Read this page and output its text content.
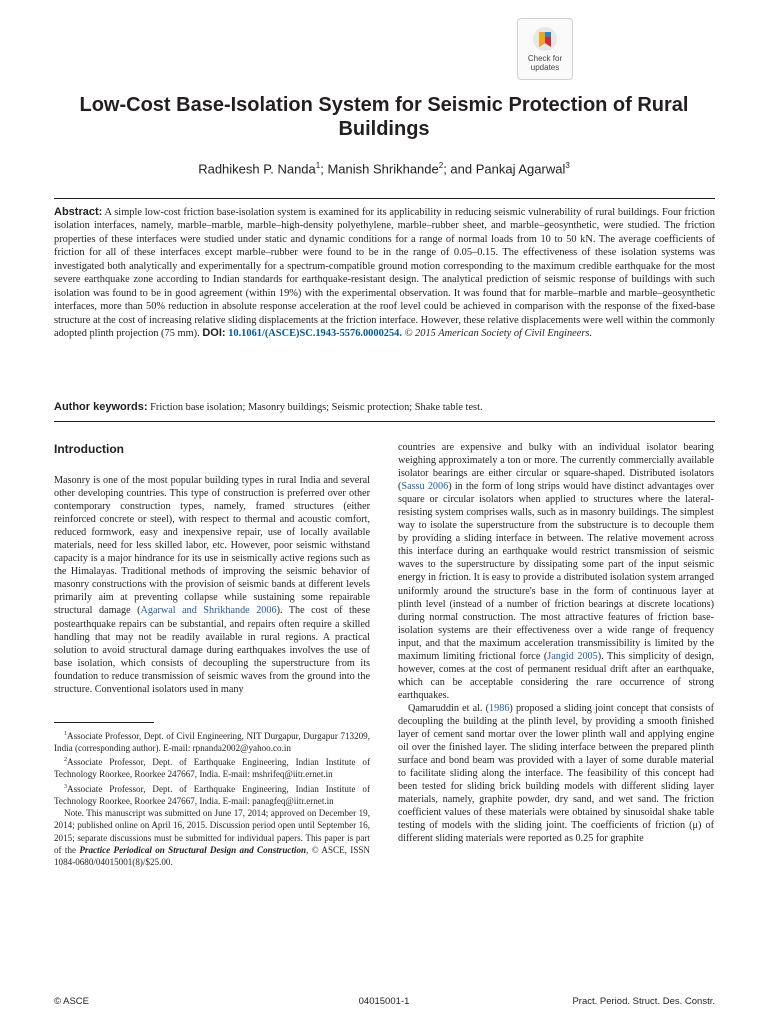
Check for
updates
Low-Cost Base-Isolation System for Seismic Protection of Rural Buildings
Radhikesh P. Nanda$^1$; Manish Shrikhande$^2$; and Pankaj Agarwal$^3$

Abstract: A simple low-cost friction base-isolation system is examined for its applicability in reducing seismic vulnerability of rural buildings. Four friction isolation interfaces, namely, marble–marble, marble–high-density polyethylene, marble–rubber sheet, and marble–geosynthetic, were studied. The friction properties of these interfaces were studied under static and dynamic conditions for a range of normal loads from 10 to 50 kN. The average coefficients of friction for all of these interfaces except marble–rubber were found to be in the range of 0.05–0.15. The effectiveness of these isolation systems was investigated both analytically and experimentally for a spectrum-compatible ground motion corresponding to the maximum credible earthquake for the most severe earthquake zone according to Indian standards for earthquake-resistant design. The analytical prediction of seismic response of buildings with such isolation was found to be in good agreement (within 19%) with the experimental observation. It was found that for marble–marble and marble–geosynthetic interfaces, more than 50% reduction in absolute response acceleration at the roof level could be achieved in comparison with the response of the fixed-base structure at the cost of increasing relative sliding displacements at the friction interface. However, these relative displacements were well within the commonly adopted plinth projection (75 mm). DOI: 10.1061/(ASCE)SC.1943-5576.0000254. © 2015 American Society of Civil Engineers.

Author keywords: Friction base isolation; Masonry buildings; Seismic protection; Shake table test.

Introduction

Masonry is one of the most popular building types in rural India and several other developing countries. This type of construction is preferred over other contemporary construction types, namely, framed structures (either reinforced concrete or steel), with respect to thermal and acoustic comfort, reduced formwork, easy and inexpensive repair, use of locally available materials, need for less skilled labor, etc. However, poor seismic withstand capacity is a major hindrance for its use in seismically active regions such as the Himalayas. Traditional methods of improving the seismic behavior of masonry constructions with the provision of seismic bands at different levels primarily aim at preventing collapse while sustaining some repairable structural damage (Agarwal and Shrikhande 2006). The cost of these postearthquake repairs can be substantial, and repairs often require a skilled handling that may not be readily available in rural regions. A practical solution to avoid structural damage during earthquakes involves the use of base isolation, which consists of decoupling the superstructure from its foundation to reduce transmission of seismic waves from the ground into the structure. Conventional isolators used in many

$^1$Associate Professor, Dept. of Civil Engineering, NIT Durgapur, Durgapur 713209, India (corresponding author). E-mail: rpnanda2002@yahoo.co.in

$^2$Associate Professor, Dept. of Earthquake Engineering, Indian Institute of Technology Roorkee, Roorkee 247667, India. E-mail: mshrifeq@iitr.ernet.in

$^3$Associate Professor, Dept. of Earthquake Engineering, Indian Institute of Technology Roorkee, Roorkee 247667, India. E-mail: panagfeq@iitr.ernet.in

Note. This manuscript was submitted on June 17, 2014; approved on December 19, 2014; published online on April 16, 2015. Discussion period open until September 16, 2015; separate discussions must be submitted for individual papers. This paper is part of the Practice Periodical on Structural Design and Construction, © ASCE, ISSN 1084-0680/04015001(8)/$25.00.

countries are expensive and bulky with an individual isolator bearing weighing approximately a ton or more. The currently commercially available isolator bearings are either circular or square-shaped. Distributed isolators (Sassu 2006) in the form of long strips would have distinct advantages over square or circular isolators when applied to structures where the lateral-resisting system comprises walls, such as in masonry buildings. The simplest way to isolate the superstructure from the substructure is to decouple them by providing a sliding interface in between. The relative movement across this interface during an earthquake would restrict transmission of seismic waves to the superstructure by dissipating some part of the input seismic energy in friction. It is easy to provide a distributed isolation system arranged uniformly around the structure's base in the form of continuous layer at plinth level (instead of a number of friction bearings at discrete locations) during normal construction. The most attractive features of friction base-isolation systems are their effectiveness over a wide range of frequency input, and that the maximum acceleration transmissibility is limited by the maximum limiting frictional force (Jangid 2005). This simplicity of design, however, comes at the cost of permanent residual drift after an earthquake, which can be acceptable considering the rare occurrence of strong earthquakes.

Qamaruddin et al. (1986) proposed a sliding joint concept that consists of decoupling the building at the plinth level, by providing a smooth finished layer of cement sand mortar over the lower plinth wall and applying engine oil over the finished layer. The sliding interface between the prepared plinth surface and bond beam was provided with a layer of some durable material to facilitate sliding along the interface. The feasibility of this concept had been tested for sliding brick building models with different sliding layer materials, namely, graphite powder, dry sand, and wet sand. The friction coefficient values of these materials were obtained by sinusoidal shake table testing of models with the sliding joint. The coefficients of friction (μ) of different sliding materials were reported as 0.25 for graphite

© ASCE	04015001-1	Pract. Period. Struct. Des. Constr.
